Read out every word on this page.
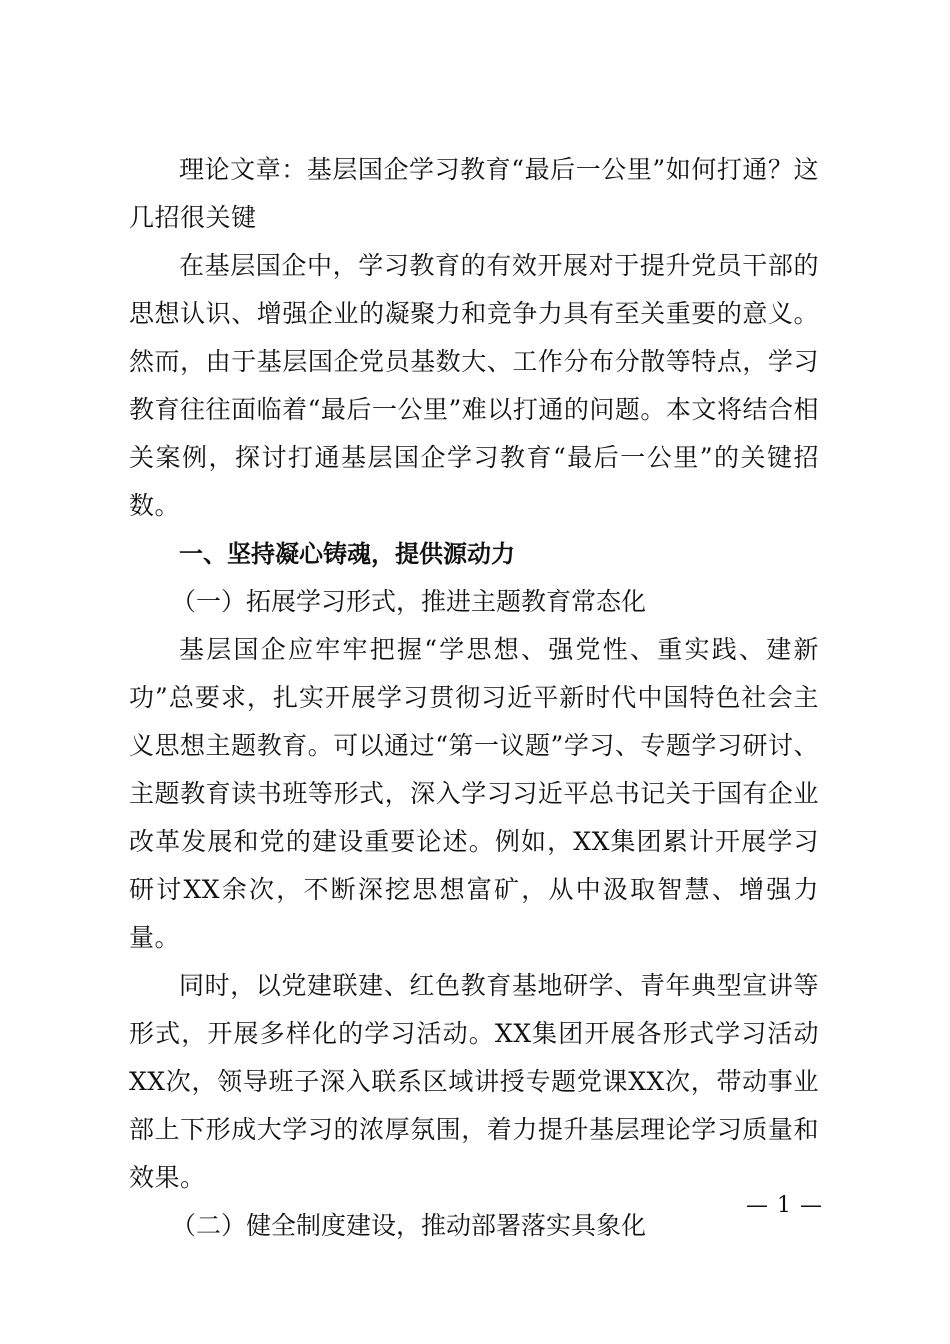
理论文章：基层国企学习教育“最后一公里”如何打通？这几招很关键

在基层国企中，学习教育的有效开展对于提升党员干部的思想认识、增强企业的凝聚力和竞争力具有至关重要的意义。然而，由于基层国企党员基数大、工作分布分散等特点，学习教育往往面临着“最后一公里”难以打通的问题。本文将结合相关案例，探讨打通基层国企学习教育“最后一公里”的关键招数。

一、坚持凝心铸魂，提供源动力

（一）拓展学习形式，推进主题教育常态化

基层国企应牢牢把握“学思想、强党性、重实践、建新功”总要求，扎实开展学习贯彻习近平新时代中国特色社会主义思想主题教育。可以通过“第一议题”学习、专题学习研讨、主题教育读书班等形式，深入学习习近平总书记关于国有企业改革发展和党的建设重要论述。例如，XX集团累计开展学习研讨XX余次，不断深挖思想富矿，从中汲取智慧、增强力量。

同时，以党建联建、红色教育基地研学、青年典型宣讲等形式，开展多样化的学习活动。XX集团开展各形式学习活动XX次，领导班子深入联系区域讲授专题党课XX次，带动事业部上下形成大学习的浓厚氛围，着力提升基层理论学习质量和效果。

（二）健全制度建设，推动部署落实具象化

— 1 —
